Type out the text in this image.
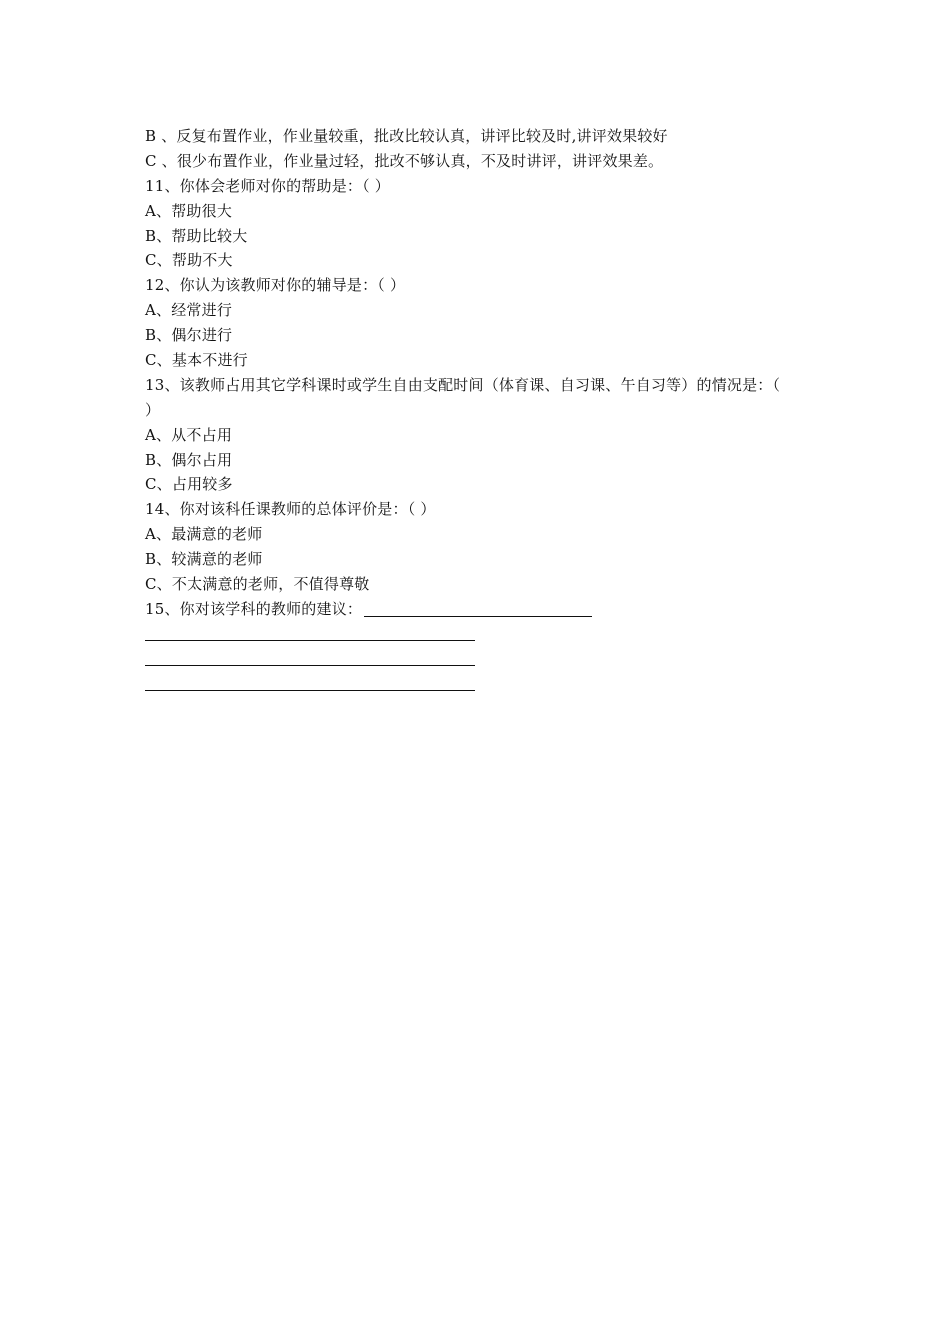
B 、反复布置作业，作业量较重，批改比较认真，讲评比较及时,讲评效果较好
C 、很少布置作业，作业量过轻，批改不够认真，不及时讲评，讲评效果差。
11、你体会老师对你的帮助是：（ ）
A、帮助很大
B、帮助比较大
C、帮助不大
12、你认为该教师对你的辅导是：（ ）
A、经常进行
B、偶尔进行
C、基本不进行
13、该教师占用其它学科课时或学生自由支配时间（体育课、自习课、午自习等）的情况是：（
）
A、从不占用
B、偶尔占用
C、占用较多
14、你对该科任课教师的总体评价是：（ ）
A、最满意的老师
B、较满意的老师
C、不太满意的老师，不值得尊敬
15、你对该学科的教师的建议：
